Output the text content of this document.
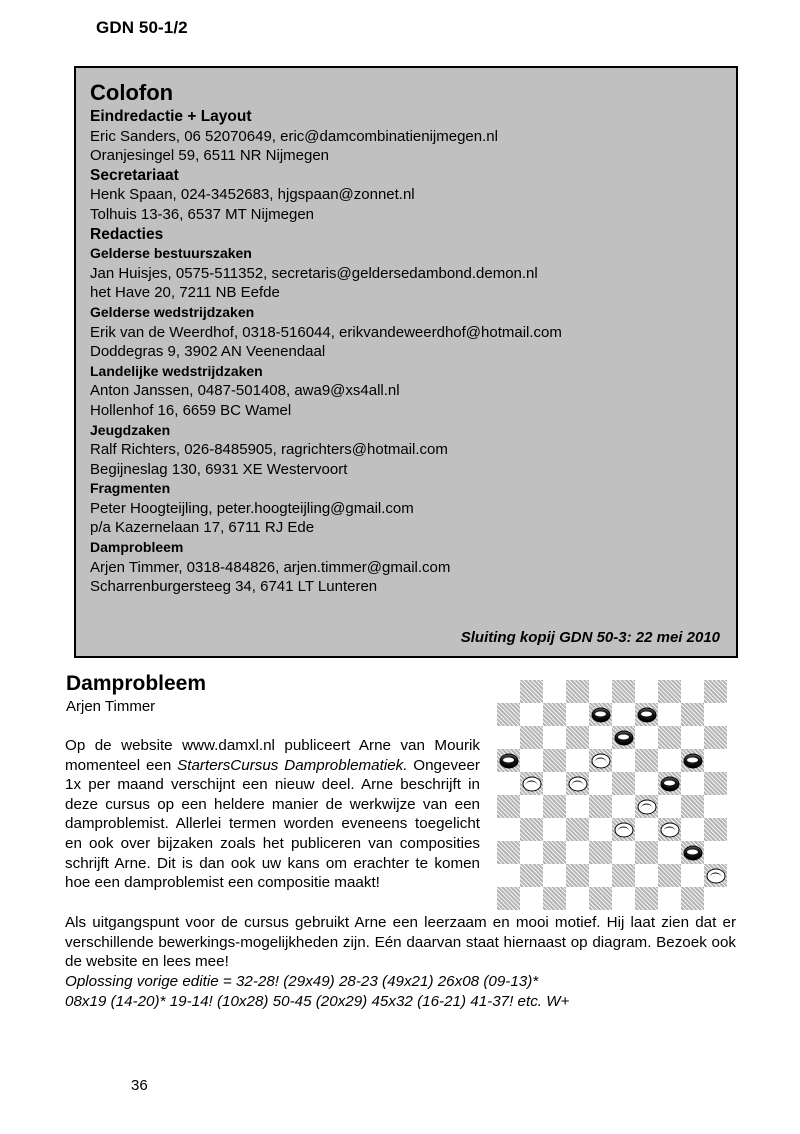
GDN 50-1/2
Colofon
Eindredactie + Layout
Eric Sanders, 06 52070649, eric@damcombinatienijmegen.nl
Oranjesingel 59, 6511 NR Nijmegen
Secretariaat
Henk Spaan, 024-3452683, hjgspaan@zonnet.nl
Tolhuis 13-36, 6537 MT Nijmegen
Redacties
Gelderse bestuurszaken
Jan Huisjes, 0575-511352, secretaris@geldersedambond.demon.nl
het Have 20, 7211 NB Eefde
Gelderse wedstrijdzaken
Erik van de Weerdhof, 0318-516044, erikvandeweerdhof@hotmail.com
Doddegras 9, 3902 AN Veenendaal
Landelijke wedstrijdzaken
Anton Janssen, 0487-501408, awa9@xs4all.nl
Hollenhof 16, 6659 BC Wamel
Jeugdzaken
Ralf Richters, 026-8485905, ragrichters@hotmail.com
Begijneslag 130, 6931 XE Westervoort
Fragmenten
Peter Hoogteijling, peter.hoogteijling@gmail.com
p/a Kazernelaan 17, 6711 RJ Ede
Damprobleem
Arjen Timmer, 0318-484826, arjen.timmer@gmail.com
Scharrenburgersteeg 34, 6741 LT Lunteren
Sluiting kopij GDN 50-3: 22 mei 2010
Damprobleem
Arjen Timmer

Op de website www.damxl.nl publiceert Arne van Mourik momenteel een StartersCursus Damproblematiek. Ongeveer 1x per maand verschijnt een nieuw deel. Arne beschrijft in deze cursus op een heldere manier de werkwijze van een damproblemist. Allerlei termen worden eveneens toegelicht en ook over bijzaken zoals het publiceren van composities schrijft Arne. Dit is dan ook uw kans om erachter te komen hoe een damproblemist een compositie maakt!

Als uitgangspunt voor de cursus gebruikt Arne een leerzaam en mooi motief. Hij laat zien dat er verschillende bewerkings-mogelijkheden zijn. Eén daarvan staat hiernaast op diagram. Bezoek ook de website en lees mee!

Oplossing vorige editie = 32-28! (29x49) 28-23 (49x21) 26x08 (09-13)*

08x19 (14-20)* 19-14! (10x28) 50-45 (20x29) 45x32 (16-21) 41-37! etc. W+

36
